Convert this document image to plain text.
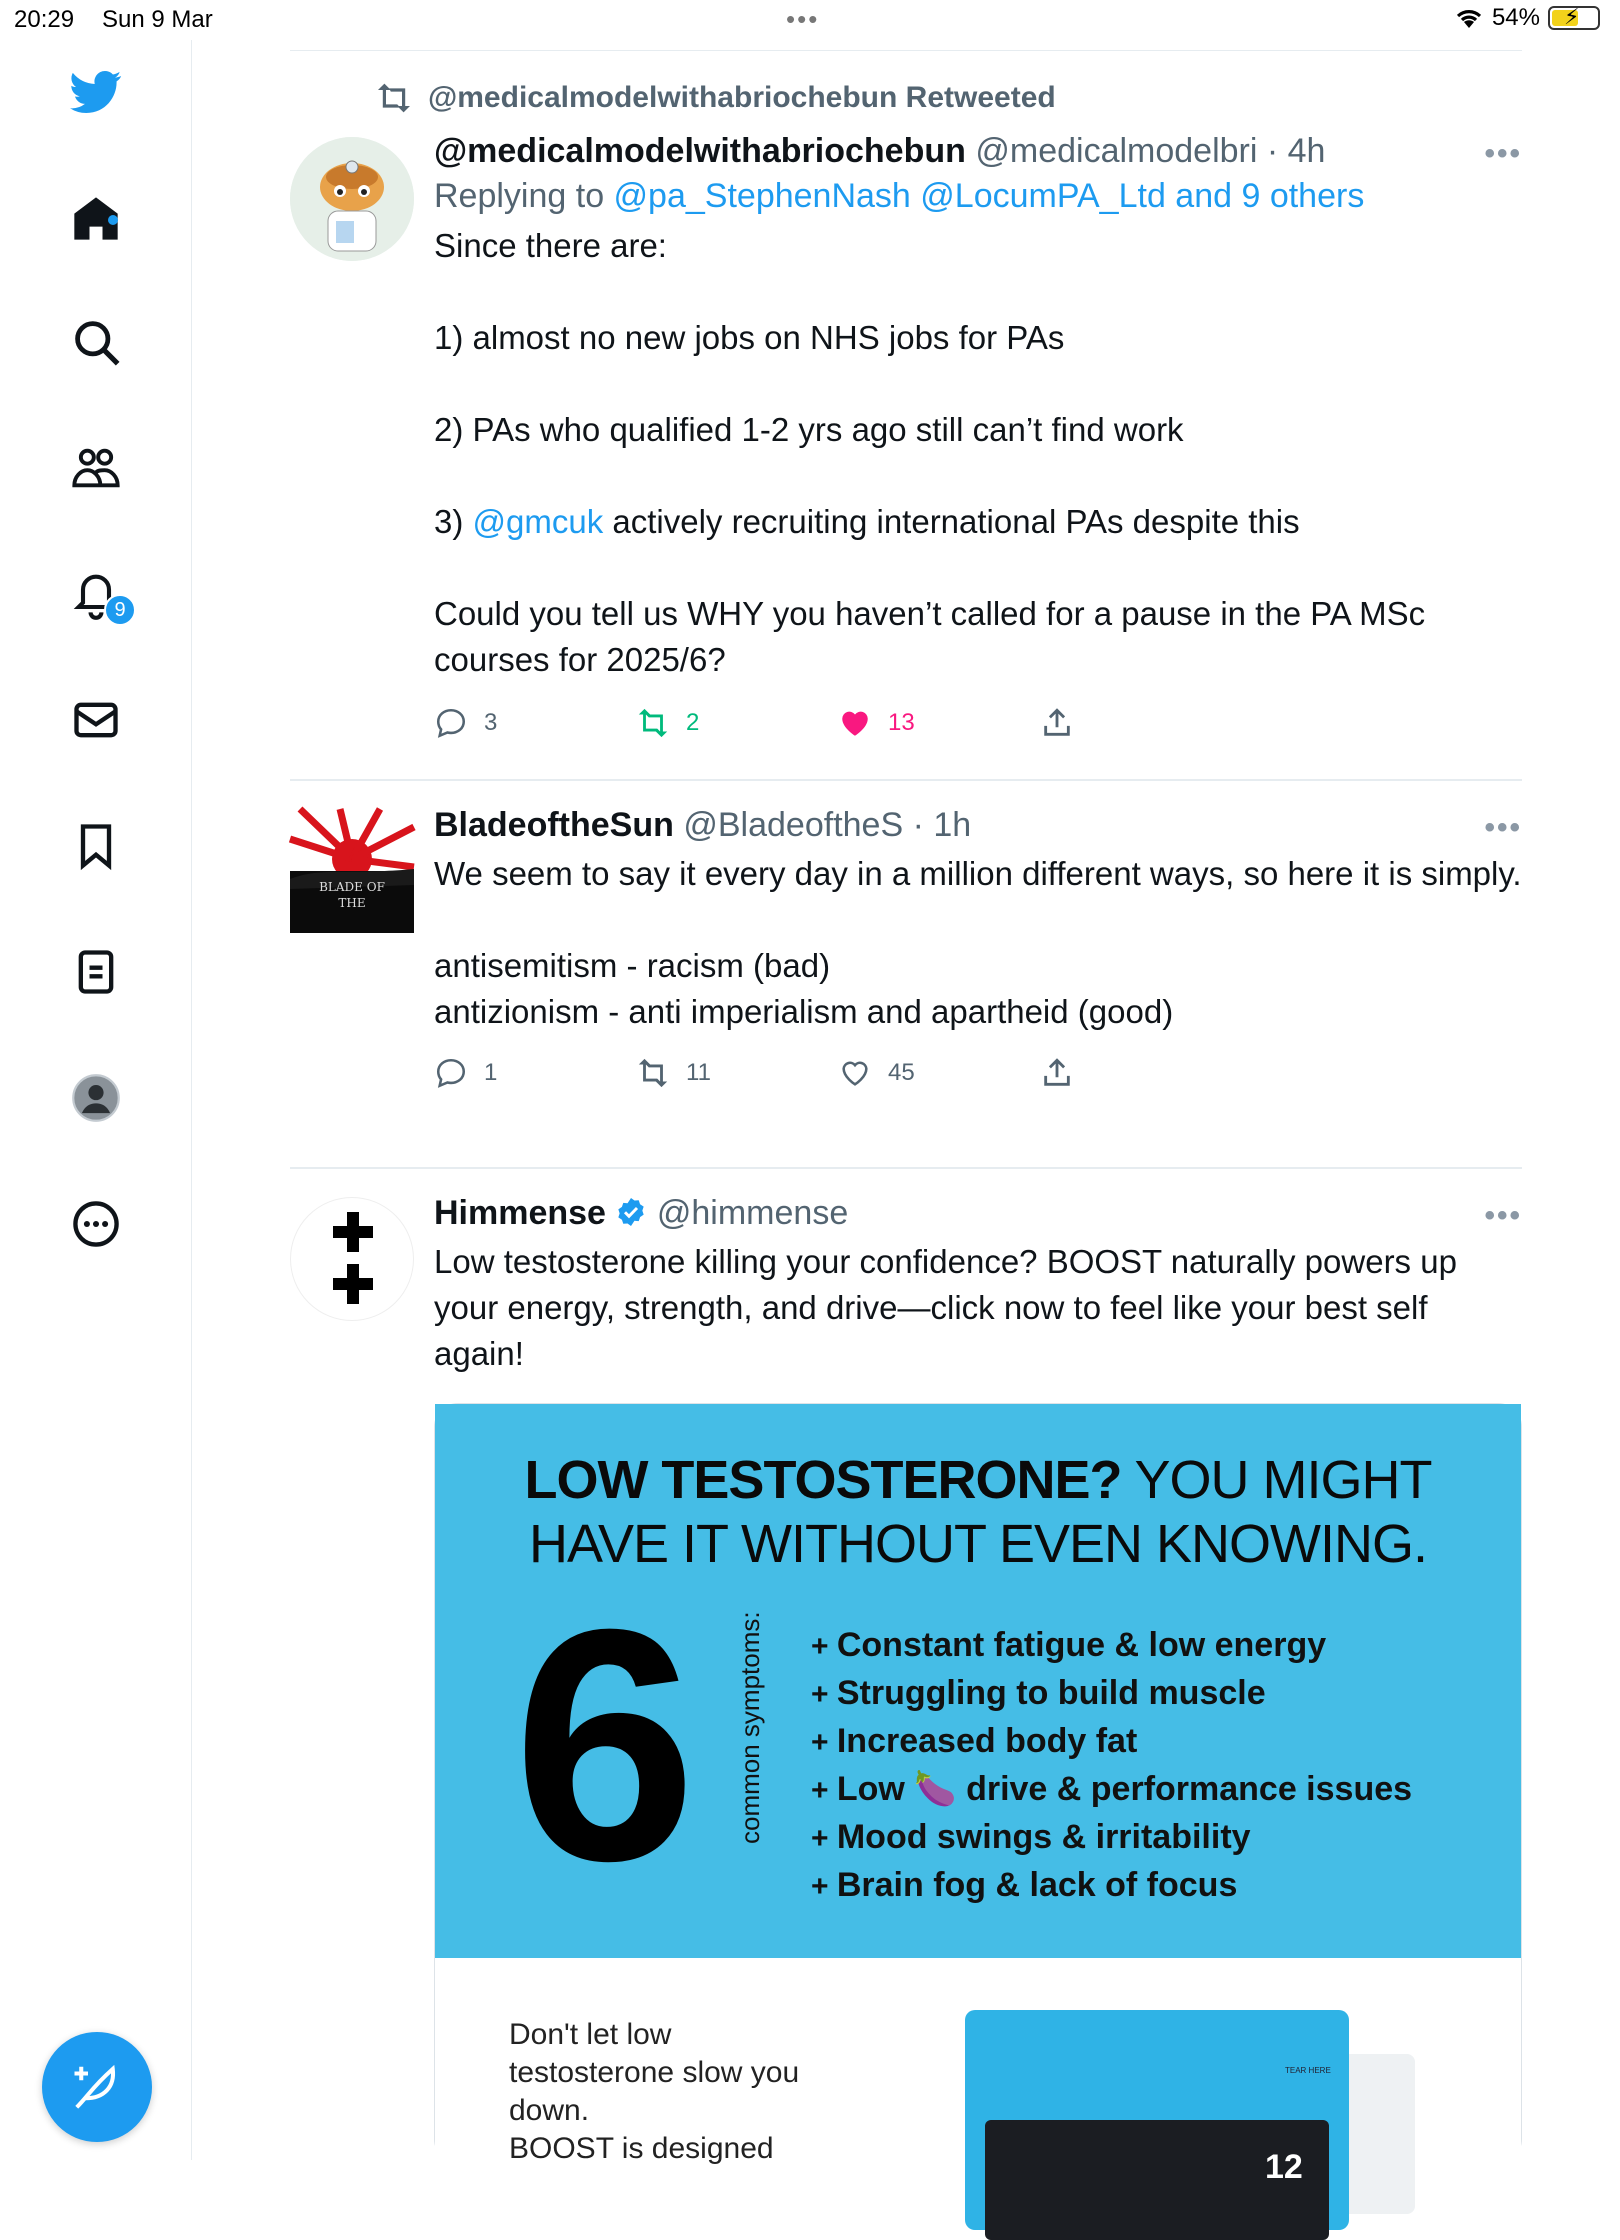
20:29 Sun 9 Mar	•••	54% ⚡
9
@medicalmodelwithabriochebun Retweeted
•••
@medicalmodelwithabriochebun @medicalmodelbri · 4h
Replying to @pa_StephenNash @LocumPA_Ltd and 9 others

Since there are:

1) almost no new jobs on NHS jobs for PAs

2) PAs who qualified 1-2 yrs ago still can’t find work

3) @gmcuk actively recruiting international PAs despite this

Could you tell us WHY you haven’t called for a pause in the PA MSc courses for 2025/6?

3	2	13
BLADE OF THE
•••
BladeoftheSun @BladeoftheS · 1h

We seem to say it every day in a million different ways, so here it is simply.

antisemitism - racism (bad)

antizionism - anti imperialism and apartheid (good)

1	11	45
•••
Himmense @himmense
Low testosterone killing your confidence? BOOST naturally powers up your energy, strength, and drive—click now to feel like your best self again!
LOW TESTOSTERONE? YOU MIGHT
HAVE IT WITHOUT EVEN KNOWING.
6 common symptoms:
+	Constant fatigue & low energy
+ Struggling to build muscle
+ Increased body fat
+ Low 🍆 drive & performance issues
+ Mood swings & irritability
+ Brain fog & lack of focus
Don't let low testosterone slow you down.
BOOST is designed
TEAR HERE
12
